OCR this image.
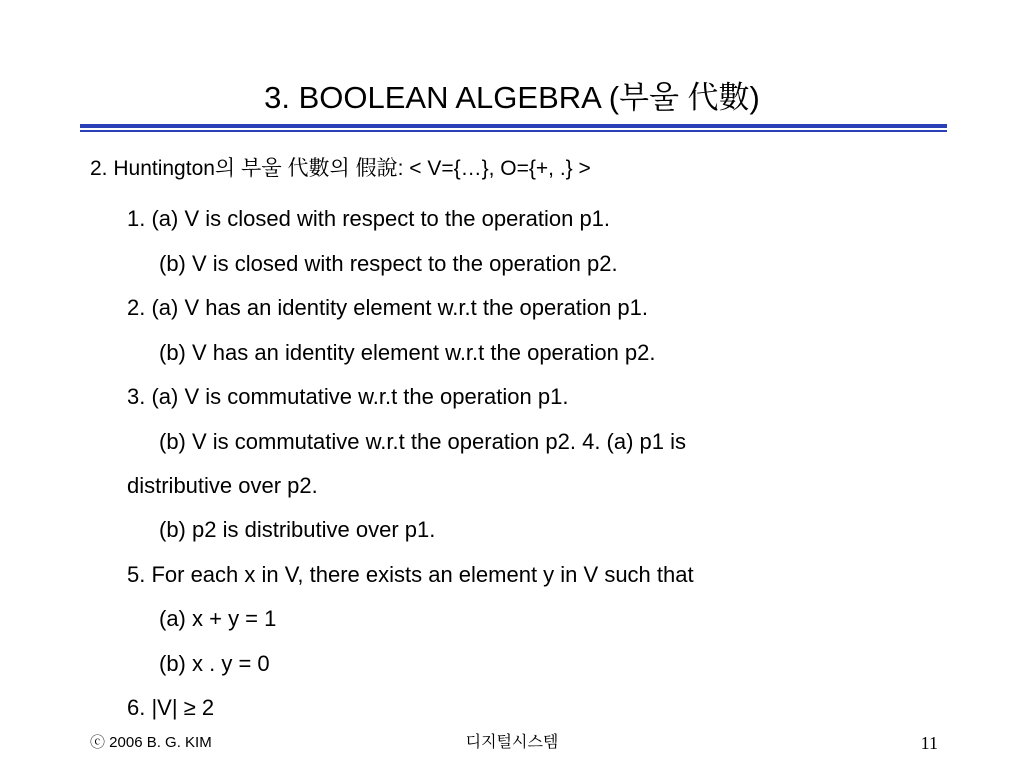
3. BOOLEAN ALGEBRA (부울 代數)
2. Huntington의 부울 代數의 假說: < V={…}, O={+, .} >
1. (a) V is closed with respect to the operation p1.
(b) V is closed with respect to the operation p2.
2. (a) V has an identity element w.r.t the operation p1.
(b) V has an identity element w.r.t the operation p2.
3. (a) V is commutative w.r.t the operation p1.
(b) V is commutative w.r.t the operation p2. 4. (a) p1 is
distributive over p2.
(b) p2 is distributive over p1.
5. For each x in V, there exists an element y in V such that
(a) x + y = 1
(b) x . y = 0
6. |V| ≥ 2
ⓒ 2006 B. G. KIM	디지털시스템	11
